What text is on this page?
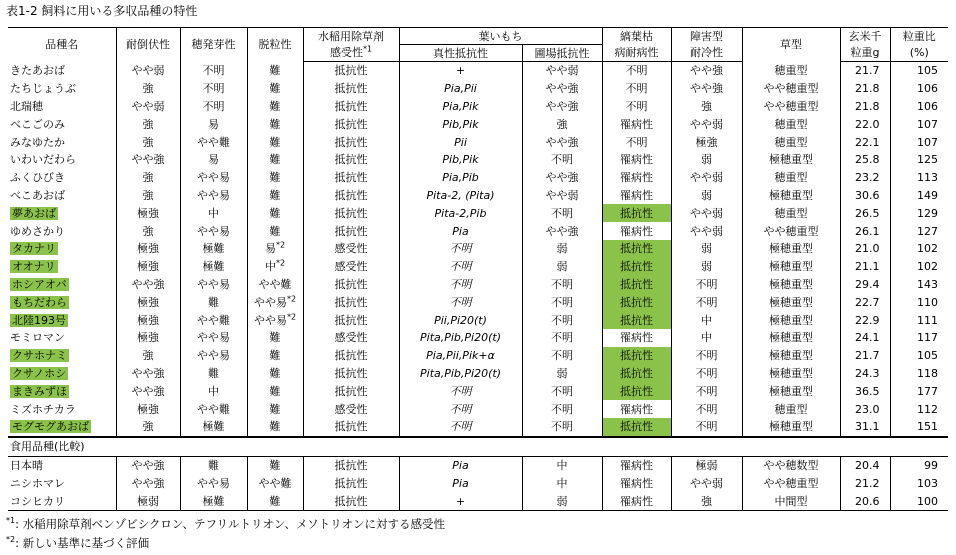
表1-2 飼料に用いる多収品種の特性
品種名	耐倒伏性	穂発芽性	脱粒性	水稲用除草剤	葉いもち		縞葉枯	障害型	草型	玄米千	粒重比
				感受性$^{*1}$	真性抵抗性	圃場抵抗性	病耐病性	耐冷性		粒重g	(%)
きたあおば	やや弱	不明	難	抵抗性	+	やや弱	不明	やや強	穂重型	21.7	105
たちじょうぶ	強	不明	難	抵抗性	Pia,Pii	やや強	不明	やや強	やや穂重型	21.8	106
北瑞穂	やや弱	不明	難	抵抗性	Pia,Pik	やや強	不明	強	やや穂重型	21.8	106
べこごのみ	強	易	難	抵抗性	Pib,Pik	強	罹病性	やや弱	穂重型	22.0	107
みなゆたか	強	やや難	難	抵抗性	Pii	やや強	不明	極強	穂重型	22.1	107
いわいだわら	やや強	易	難	抵抗性	Pib,Pik	不明	罹病性	弱	極穂重型	25.8	125
ふくひびき	強	やや易	難	抵抗性	Pia,Pib	やや強	罹病性	やや弱	穂重型	23.2	113
べこあおば	強	やや易	難	抵抗性	Pita-2, (Pita)	やや弱	罹病性	弱	極穂重型	30.6	149
夢あおば	極強	中	難	抵抗性	Pita-2,Pib	不明	抵抗性	やや弱	穂重型	26.5	129
ゆめさかり	強	やや易	難	抵抗性	Pia	やや強	罹病性	やや弱	やや穂重型	26.1	127
タカナリ	極強	極難	易$^{*2}$	感受性	不明	弱	抵抗性	弱	極穂重型	21.0	102
オオナリ	極強	極難	中$^{*2}$	感受性	不明	弱	抵抗性	弱	極穂重型	21.1	102
ホシアオバ	やや強	やや易	やや難	抵抗性	不明	不明	抵抗性	不明	極穂重型	29.4	143
もちだわら	極強	難	やや易$^{*2}$	抵抗性	不明	不明	抵抗性	不明	極穂重型	22.7	110
北陸193号	極強	やや難	やや易$^{*2}$	抵抗性	Pii,Pi20(t)	不明	抵抗性	中	極穂重型	22.9	111
モミロマン	極強	やや易	難	感受性	Pita,Pib,Pi20(t)	不明	罹病性	中	極穂重型	24.1	117
クサホナミ	強	やや易	難	抵抗性	Pia,Pii,Pik+α	不明	抵抗性	不明	極穂重型	21.7	105
クサノホシ	やや強	難	難	抵抗性	Pita,Pib,Pi20(t)	弱	抵抗性	不明	極穂重型	24.3	118
まきみずほ	やや強	中	難	抵抗性	不明	不明	抵抗性	不明	極穂重型	36.5	177
ミズホチカラ	極強	やや難	難	感受性	不明	不明	罹病性	不明	穂重型	23.0	112
モグモグあおば	強	極難	難	抵抗性	不明	不明	抵抗性	不明	極穂重型	31.1	151
食用品種(比較)											
日本晴	やや強	難	難	抵抗性	Pia	中	罹病性	極弱	やや穂数型	20.4	99
ニシホマレ	やや強	やや易	やや難	抵抗性	Pia	中	罹病性	やや弱	やや穂重型	21.2	103
コシヒカリ	極弱	極難	難	抵抗性	+	弱	罹病性	強	中間型	20.6	100
$^{*1}$: 水稲用除草剤ベンゾビシクロン、テフリルトリオン、メソトリオンに対する感受性
$^{*2}$: 新しい基準に基づく評価
